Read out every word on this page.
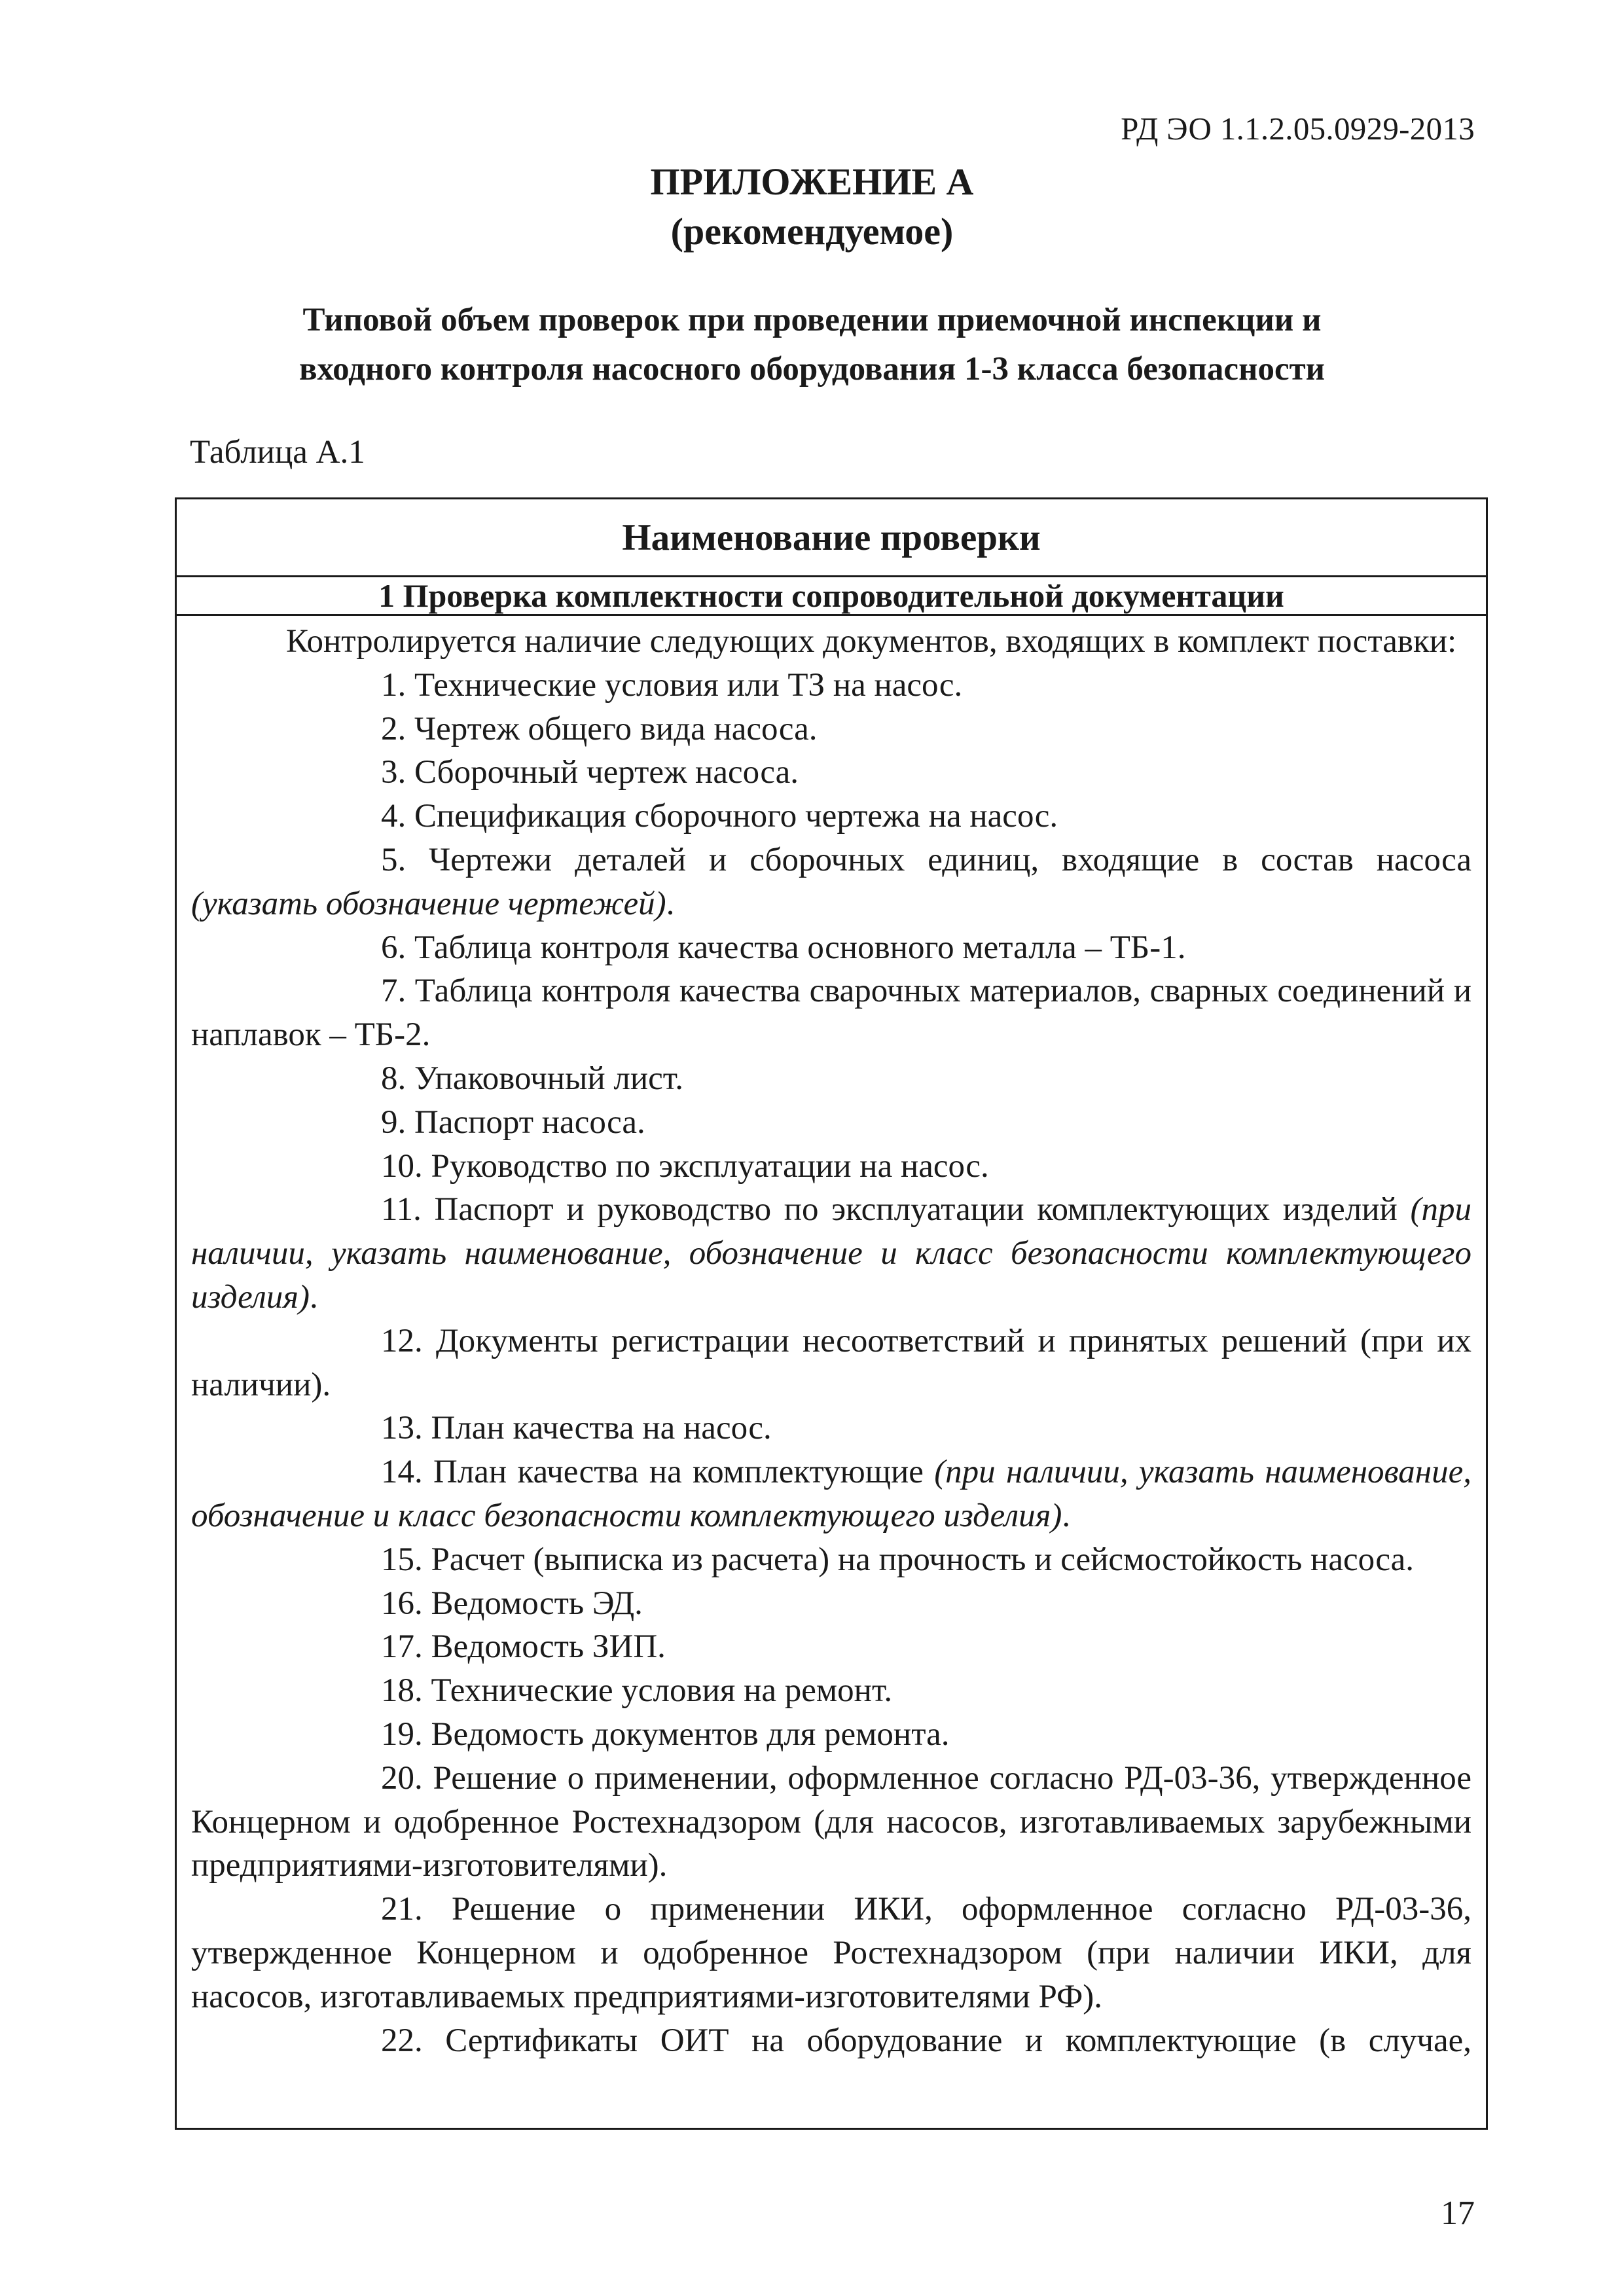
РД ЭО 1.1.2.05.0929-2013
ПРИЛОЖЕНИЕ А
(рекомендуемое)
Типовой объем проверок при проведении приемочной инспекции и
входного контроля насосного оборудования 1-3 класса безопасности
Таблица А.1
Наименование проверки
1 Проверка комплектности сопроводительной документации

Контролируется наличие следующих документов, входящих в комплект поставки:

1. Технические условия или ТЗ на насос.

2. Чертеж общего вида насоса.

3. Сборочный чертеж насоса.

4. Спецификация сборочного чертежа на насос.

5. Чертежи деталей и сборочных единиц, входящие в состав насоса (указать обозначение чертежей).

6. Таблица контроля качества основного металла – ТБ-1.

7. Таблица контроля качества сварочных материалов, сварных соединений и наплавок – ТБ-2.

8. Упаковочный лист.

9. Паспорт насоса.

10. Руководство по эксплуатации на насос.

11. Паспорт и руководство по эксплуатации комплектующих изделий (при наличии, указать наименование, обозначение и класс безопасности комплектующего изделия).

12. Документы регистрации несоответствий и принятых решений (при их наличии).

13. План качества на насос.

14. План качества на комплектующие (при наличии, указать наименование, обозначение и класс безопасности комплектующего изделия).

15. Расчет (выписка из расчета) на прочность и сейсмостойкость насоса.

16. Ведомость ЭД.

17. Ведомость ЗИП.

18. Технические условия на ремонт.

19. Ведомость документов для ремонта.

20. Решение о применении, оформленное согласно РД-03-36, утвержденное Концерном и одобренное Ростехнадзором (для насосов, изготавливаемых зарубежными предприятиями-изготовителями).

21. Решение о применении ИКИ, оформленное согласно РД-03-36, утвержденное Концерном и одобренное Ростехнадзором (при наличии ИКИ, для насосов, изготавливаемых предприятиями-изготовителями РФ).

22. Сертификаты ОИТ на оборудование и комплектующие (в случае,

17
